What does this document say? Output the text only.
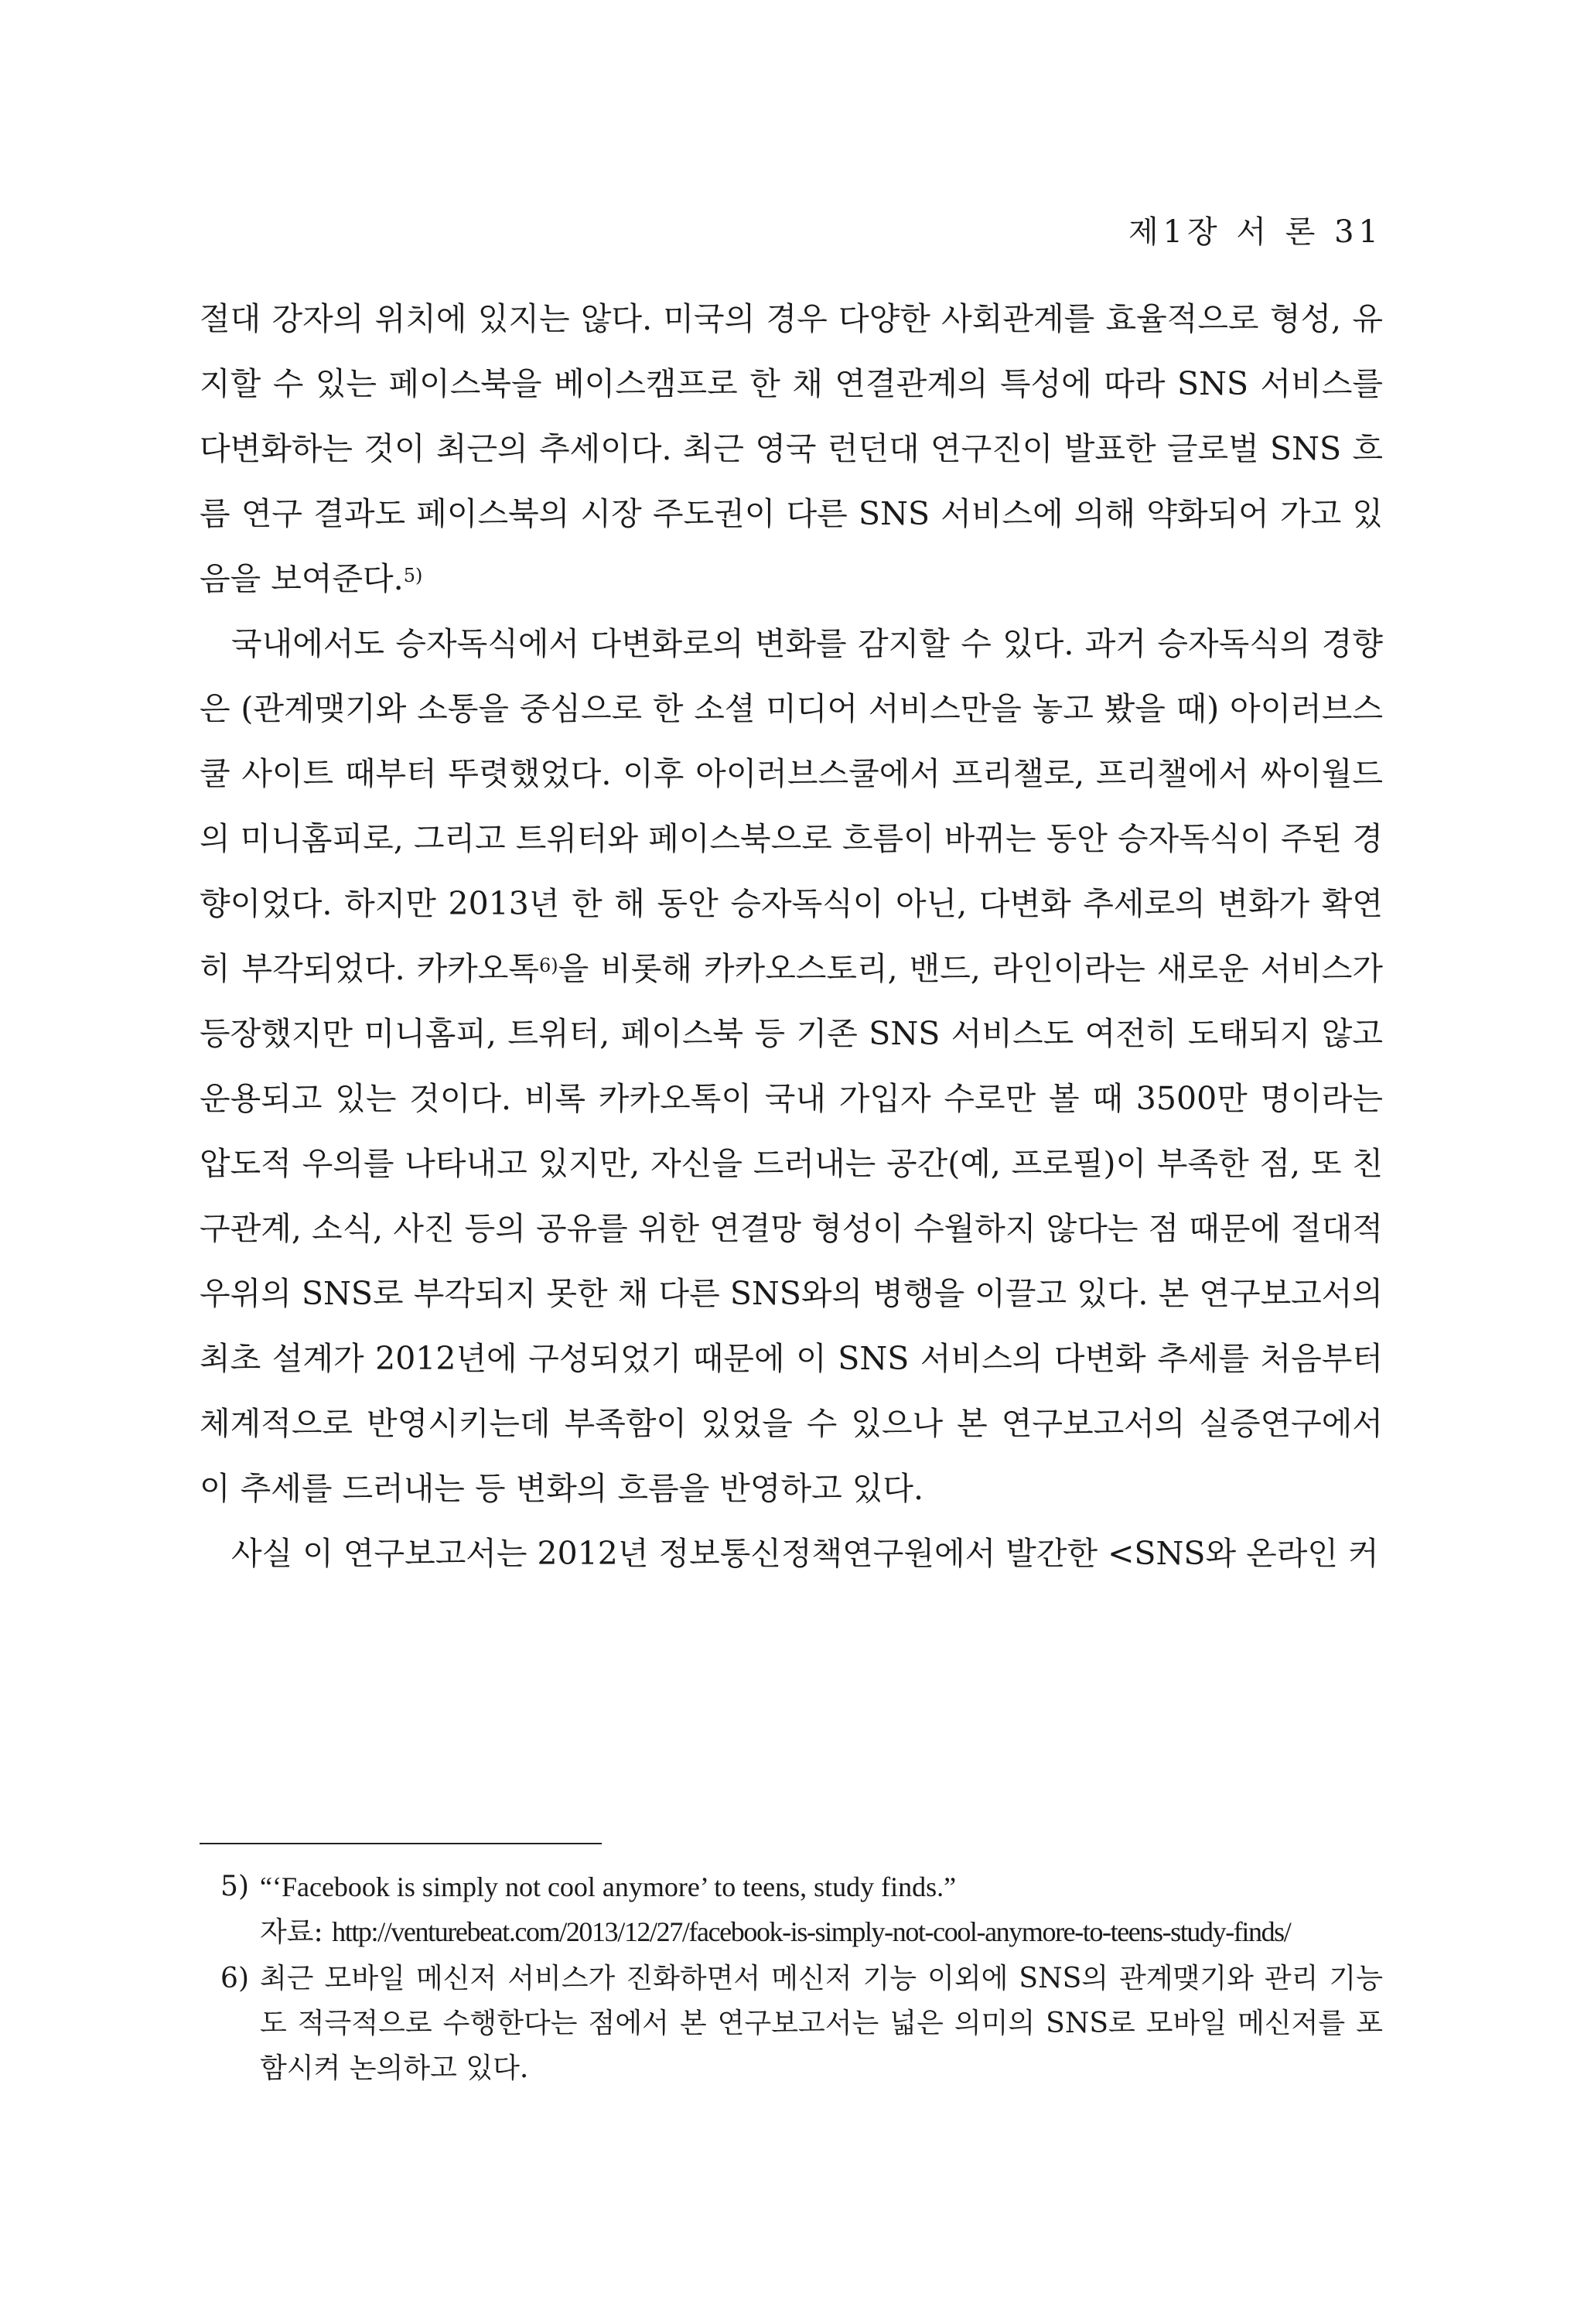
제1장 서 론 31

절대 강자의 위치에 있지는 않다. 미국의 경우 다양한 사회관계를 효율적으로 형성, 유지할 수 있는 페이스북을 베이스캠프로 한 채 연결관계의 특성에 따라 SNS 서비스를 다변화하는 것이 최근의 추세이다. 최근 영국 런던대 연구진이 발표한 글로벌 SNS 흐름 연구 결과도 페이스북의 시장 주도권이 다른 SNS 서비스에 의해 약화되어 가고 있음을 보여준다.$^{5)}$

국내에서도 승자독식에서 다변화로의 변화를 감지할 수 있다. 과거 승자독식의 경향은 (관계맺기와 소통을 중심으로 한 소셜 미디어 서비스만을 놓고 봤을 때) 아이러브스쿨 사이트 때부터 뚜렷했었다. 이후 아이러브스쿨에서 프리챌로, 프리챌에서 싸이월드의 미니홈피로, 그리고 트위터와 페이스북으로 흐름이 바뀌는 동안 승자독식이 주된 경향이었다. 하지만 2013년 한 해 동안 승자독식이 아닌, 다변화 추세로의 변화가 확연히 부각되었다. 카카오톡$^{6)}$을 비롯해 카카오스토리, 밴드, 라인이라는 새로운 서비스가 등장했지만 미니홈피, 트위터, 페이스북 등 기존 SNS 서비스도 여전히 도태되지 않고 운용되고 있는 것이다. 비록 카카오톡이 국내 가입자 수로만 볼 때 3500만 명이라는 압도적 우의를 나타내고 있지만, 자신을 드러내는 공간(예, 프로필)이 부족한 점, 또 친구관계, 소식, 사진 등의 공유를 위한 연결망 형성이 수월하지 않다는 점 때문에 절대적 우위의 SNS로 부각되지 못한 채 다른 SNS와의 병행을 이끌고 있다. 본 연구보고서의 최초 설계가 2012년에 구성되었기 때문에 이 SNS 서비스의 다변화 추세를 처음부터 체계적으로 반영시키는데 부족함이 있었을 수 있으나 본 연구보고서의 실증연구에서 이 추세를 드러내는 등 변화의 흐름을 반영하고 있다.

사실 이 연구보고서는 2012년 정보통신정책연구원에서 발간한 <SNS와 온라인 커

5) “‘Facebook is simply not cool anymore’ to teens, study finds.”
자료: http://venturebeat.com/2013/12/27/facebook-is-simply-not-cool-anymore-to-teens-study-finds/
6) 최근 모바일 메신저 서비스가 진화하면서 메신저 기능 이외에 SNS의 관계맺기와 관리 기능도 적극적으로 수행한다는 점에서 본 연구보고서는 넓은 의미의 SNS로 모바일 메신저를 포함시켜 논의하고 있다.
